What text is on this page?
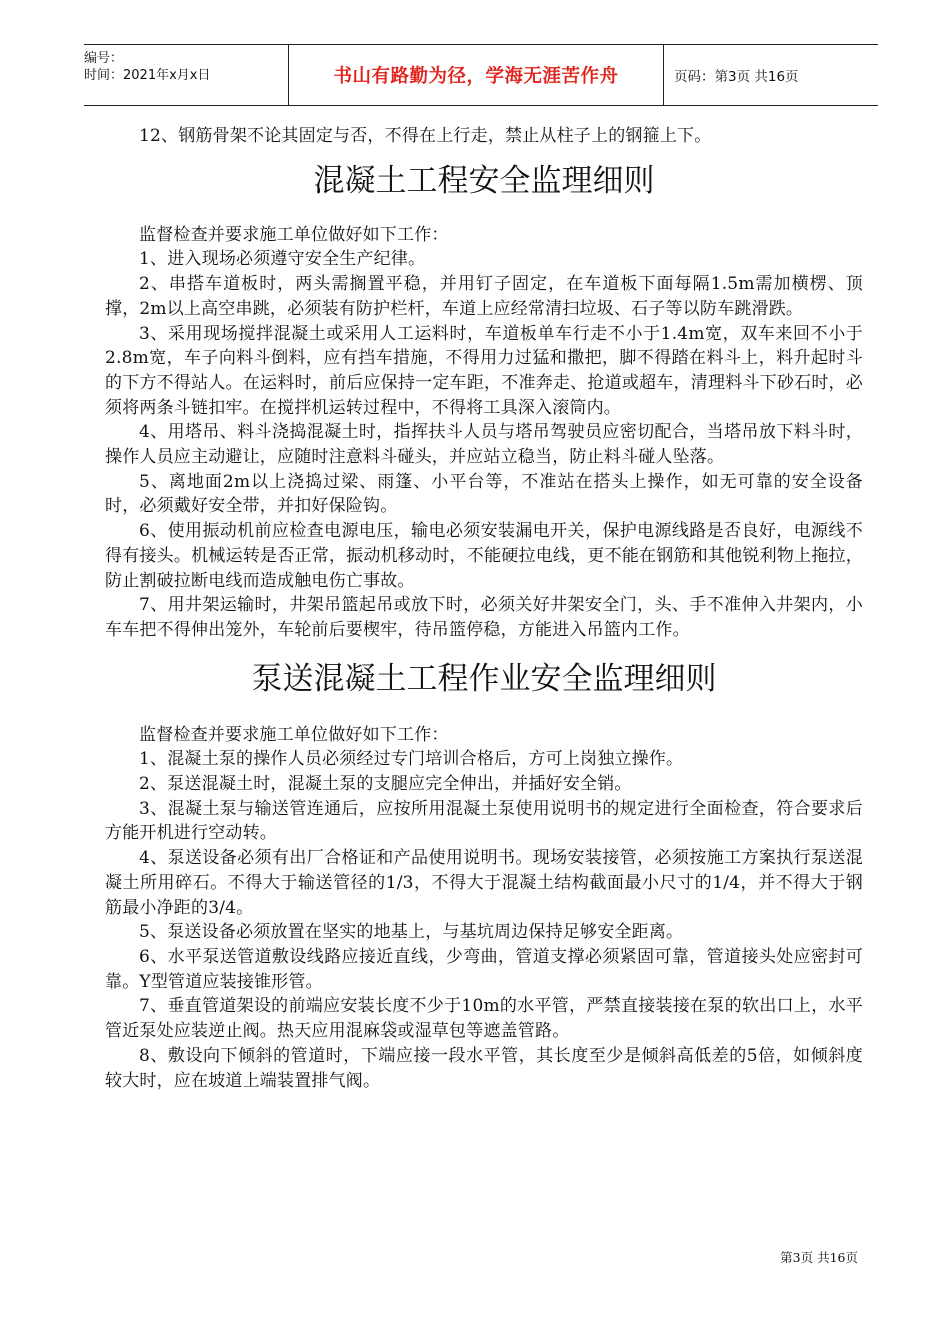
编号：
时间：2021年x月x日	书山有路勤为径，学海无涯苦作舟	页码：第3页 共16页

12、钢筋骨架不论其固定与否，不得在上行走，禁止从柱子上的钢箍上下。

混凝土工程安全监理细则

监督检查并要求施工单位做好如下工作：

1、进入现场必须遵守安全生产纪律。

2、串搭车道板时，两头需搁置平稳，并用钉子固定，在车道板下面每隔1.5m需加横楞、顶撑，2m以上高空串跳，必须装有防护栏杆，车道上应经常清扫垃圾、石子等以防车跳滑跌。

3、采用现场搅拌混凝土或采用人工运料时，车道板单车行走不小于1.4m宽，双车来回不小于2.8m宽，车子向料斗倒料，应有挡车措施，不得用力过猛和撒把，脚不得踏在料斗上，料升起时斗的下方不得站人。在运料时，前后应保持一定车距，不准奔走、抢道或超车，清理料斗下砂石时，必须将两条斗链扣牢。在搅拌机运转过程中，不得将工具深入滚筒内。

4、用塔吊、料斗浇捣混凝土时，指挥扶斗人员与塔吊驾驶员应密切配合，当塔吊放下料斗时，操作人员应主动避让，应随时注意料斗碰头，并应站立稳当，防止料斗碰人坠落。

5、离地面2m以上浇捣过梁、雨篷、小平台等，不准站在搭头上操作，如无可靠的安全设备时，必须戴好安全带，并扣好保险钩。

6、使用振动机前应检查电源电压，输电必须安装漏电开关，保护电源线路是否良好，电源线不得有接头。机械运转是否正常，振动机移动时，不能硬拉电线，更不能在钢筋和其他锐利物上拖拉，防止割破拉断电线而造成触电伤亡事故。

7、用井架运输时，井架吊篮起吊或放下时，必须关好井架安全门，头、手不准伸入井架内，小车车把不得伸出笼外，车轮前后要楔牢，待吊篮停稳，方能进入吊篮内工作。

泵送混凝土工程作业安全监理细则

监督检查并要求施工单位做好如下工作：

1、混凝土泵的操作人员必须经过专门培训合格后，方可上岗独立操作。

2、泵送混凝土时，混凝土泵的支腿应完全伸出，并插好安全销。

3、混凝土泵与输送管连通后，应按所用混凝土泵使用说明书的规定进行全面检查，符合要求后方能开机进行空动转。

4、泵送设备必须有出厂合格证和产品使用说明书。现场安装接管，必须按施工方案执行泵送混凝土所用碎石。不得大于输送管径的1/3，不得大于混凝土结构截面最小尺寸的1/4，并不得大于钢筋最小净距的3/4。

5、泵送设备必须放置在坚实的地基上，与基坑周边保持足够安全距离。

6、水平泵送管道敷设线路应接近直线，少弯曲，管道支撑必须紧固可靠，管道接头处应密封可靠。Y型管道应装接锥形管。

7、垂直管道架设的前端应安装长度不少于10m的水平管，严禁直接装接在泵的软出口上，水平管近泵处应装逆止阀。热天应用混麻袋或湿草包等遮盖管路。

8、敷设向下倾斜的管道时，下端应接一段水平管，其长度至少是倾斜高低差的5倍，如倾斜度较大时，应在坡道上端装置排气阀。

第3页 共16页
